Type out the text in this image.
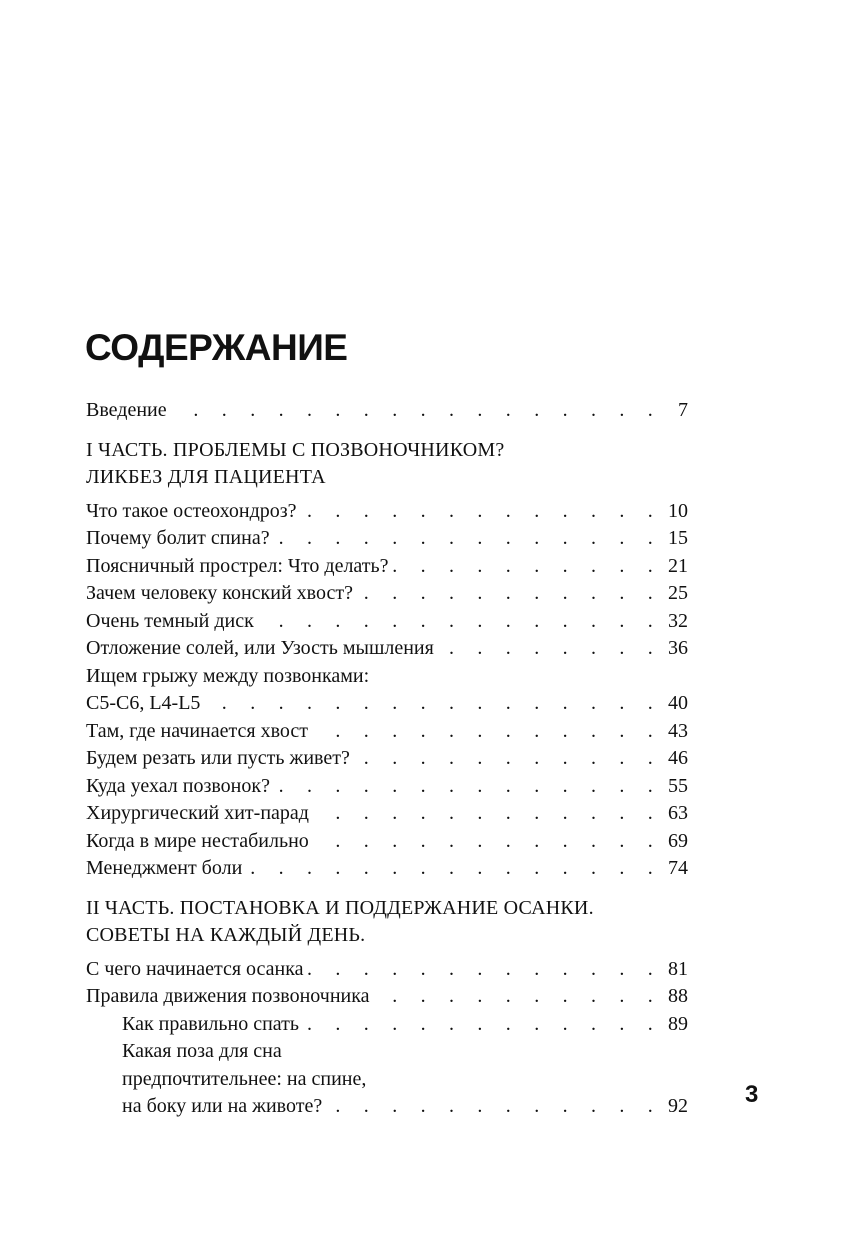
СОДЕРЖАНИЕ
Введение . . .	7
I ЧАСТЬ. ПРОБЛЕМЫ С ПОЗВОНОЧНИКОМ?
ЛИКБЕЗ ДЛЯ ПАЦИЕНТА
Что такое остеохондроз? . . .	10
Почему болит спина? . . .	15
Поясничный прострел: Что делать? . . .	21
Зачем человеку конский хвост? . . .	25
Очень темный диск . . .	32
Отложение солей, или Узость мышления . . .	36
Ищем грыжу между позвонками:
C5-C6, L4-L5 . . .	40
Там, где начинается хвост . . .	43
Будем резать или пусть живет? . . .	46
Куда уехал позвонок? . . .	55
Хирургический хит-парад . . .	63
Когда в мире нестабильно . . .	69
Менеджмент боли . . .	74
II ЧАСТЬ. ПОСТАНОВКА И ПОДДЕРЖАНИЕ ОСАНКИ.
СОВЕТЫ НА КАЖДЫЙ ДЕНЬ.
С чего начинается осанка . . .	81
Правила движения позвоночника . . .	88
Как правильно спать . . .	89
Какая поза для сна
предпочтительнее: на спине,
на боку или на животе? . . .	92 3
